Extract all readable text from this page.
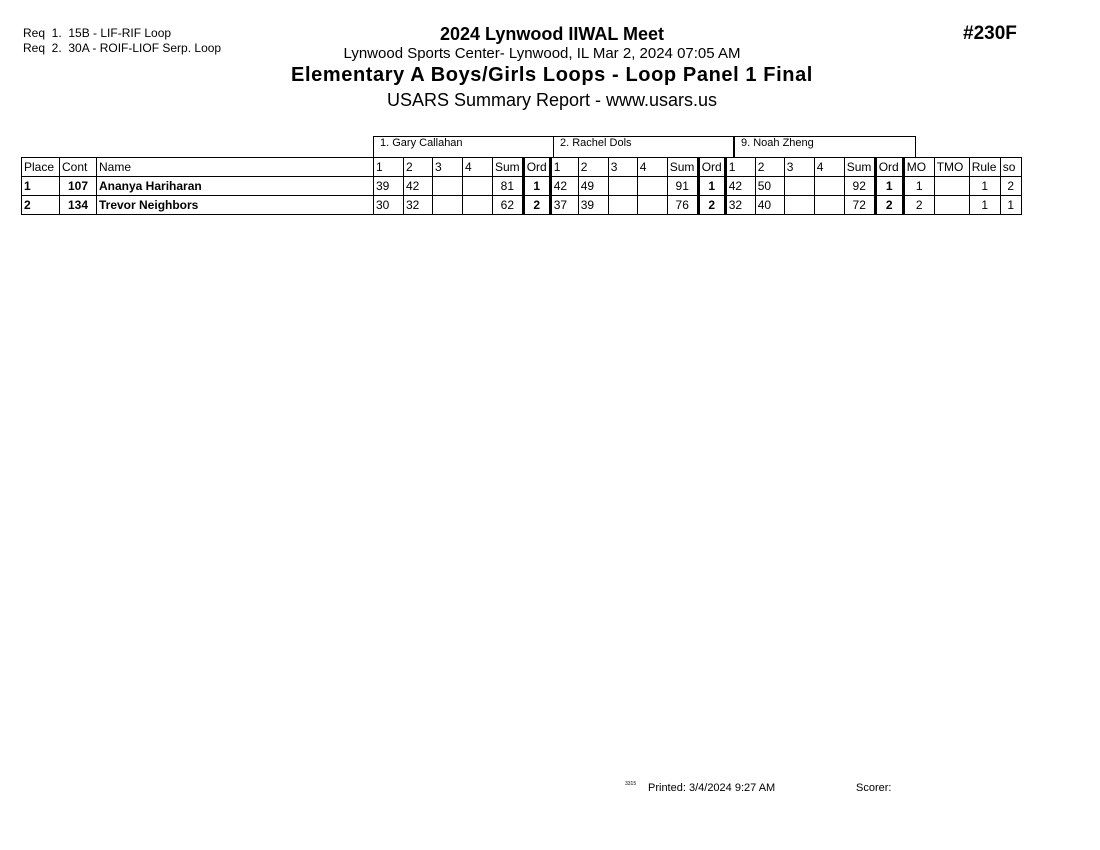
Req  1.  15B - LIF-RIF Loop
Req  2.  30A - ROIF-LIOF Serp. Loop
2024 Lynwood IIWAL Meet
Lynwood Sports Center- Lynwood, IL Mar 2, 2024 07:05 AM
Elementary A Boys/Girls Loops - Loop Panel 1 Final
USARS Summary Report - www.usars.us
#230F
1. Gary Callahan	2. Rachel Dols	9. Noah Zheng
Place	Cont	Name	1	2	3	4	Sum	Ord	1	2	3	4	Sum	Ord	1	2	3	4	Sum	Ord	MO	TMO	Rule	so
1	107	Ananya Hariharan	39	42			81	1	42	49			91	1	42	50			92	1	1		1	2
2	134	Trevor Neighbors	30	32			62	2	37	39			76	2	32	40			72	2	2		1	1
3315 Printed: 3/4/2024 9:27 AM	Scorer:
